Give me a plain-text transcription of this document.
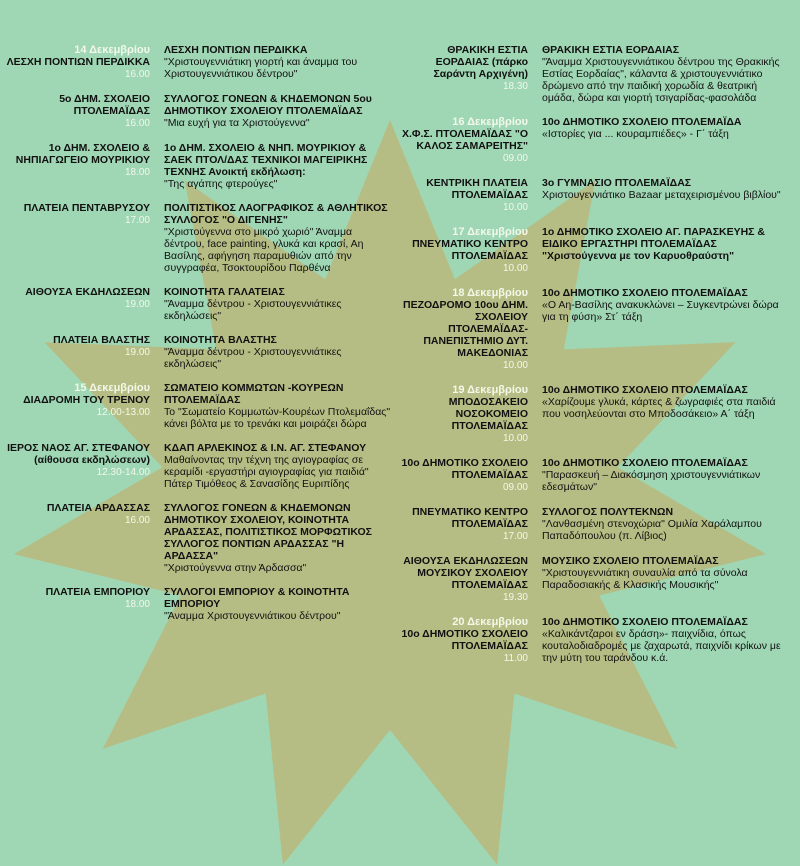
14 Δεκεμβρίου
ΛΕΣΧΗ ΠΟΝΤΙΩΝ ΠΕΡΔΙΚΚΑ
16.00
ΛΕΣΧΗ ΠΟΝΤΙΩΝ ΠΕΡΔΙΚΚΑ
"Χριστουγεννιάτικη γιορτή και άναμμα του Χριστουγεννιάτικου δέντρου"
5ο ΔΗΜ. ΣΧΟΛΕΙΟ ΠΤΟΛΕΜΑΪΔΑΣ
16.00
ΣΥΛΛΟΓΟΣ ΓΟΝΕΩΝ & ΚΗΔΕΜΟΝΩΝ 5ου ΔΗΜΟΤΙΚΟΥ ΣΧΟΛΕΙΟΥ ΠΤΟΛΕΜΑΪΔΑΣ
"Μια ευχή για τα Χριστούγεννα"
1ο ΔΗΜ. ΣΧΟΛΕΙΟ & ΝΗΠΙΑΓΩΓΕΙΟ ΜΟΥΡΙΚΙΟΥ
18.00
1ο ΔΗΜ. ΣΧΟΛΕΙΟ & ΝΗΠ. ΜΟΥΡΙΚΙΟΥ & ΣΑΕΚ ΠΤΟΛ/ΔΑΣ ΤΕΧΝΙΚΟΙ ΜΑΓΕΙΡΙΚΗΣ ΤΕΧΝΗΣ Ανοικτή εκδήλωση:
"Της αγάπης φτερούγες"
ΠΛΑΤΕΙΑ ΠΕΝΤΑΒΡΥΣΟΥ
17.00
ΠΟΛΙΤΙΣΤΙΚΟΣ ΛΑΟΓΡΑΦΙΚΟΣ & ΑΘΛΗΤΙΚΟΣ ΣΥΛΛΟΓΟΣ "Ο ΔΙΓΕΝΗΣ"
"Χριστούγεννα στο μικρό χωριό" Άναμμα δέντρου, face painting, γλυκά και κρασί, Αη Βασίλης, αφήγηση παραμυθιών από την συγγραφέα, Τσοκτουρίδου Παρθένα
ΑΙΘΟΥΣΑ ΕΚΔΗΛΩΣΕΩΝ
19.00
ΚΟΙΝΟΤΗΤΑ ΓΑΛΑΤΕΙΑΣ
"Άναμμα δέντρου - Χριστουγεννιάτικες εκδηλώσεις"
ΠΛΑΤΕΙΑ ΒΛΑΣΤΗΣ
19.00
ΚΟΙΝΟΤΗΤΑ ΒΛΑΣΤΗΣ
"Άναμμα δέντρου - Χριστουγεννιάτικες εκδηλώσεις"
15 Δεκεμβρίου
ΔΙΑΔΡΟΜΗ ΤΟΥ ΤΡΕΝΟΥ
12.00-13.00
ΣΩΜΑΤΕΙΟ ΚΟΜΜΩΤΩΝ -ΚΟΥΡΕΩΝ ΠΤΟΛΕΜΑΪΔΑΣ
Το "Σωματείο Κομμωτών-Κουρέων Πτολεμαΐδας" κάνει βόλτα με το τρενάκι και μοιράζει δώρα
ΙΕΡΟΣ ΝΑΟΣ ΑΓ. ΣΤΕΦΑΝΟΥ (αίθουσα εκδηλώσεων)
12.30-14.00
ΚΔΑΠ ΑΡΛΕΚΙΝΟΣ & Ι.Ν. ΑΓ. ΣΤΕΦΑΝΟΥ
Μαθαίνοντας την τέχνη της αγιογραφίας σε κεραμίδι -εργαστήρι αγιογραφίας για παιδιά" Πάτερ Τιμόθεος & Σανασίδης Ευριπίδης
ΠΛΑΤΕΙΑ ΑΡΔΑΣΣΑΣ
16.00
ΣΥΛΛΟΓΟΣ ΓΟΝΕΩΝ & ΚΗΔΕΜΟΝΩΝ ΔΗΜΟΤΙΚΟΥ ΣΧΟΛΕΙΟΥ, ΚΟΙΝΟΤΗΤΑ ΑΡΔΑΣΣΑΣ, ΠΟΛΙΤΙΣΤΙΚΟΣ ΜΟΡΦΩΤΙΚΟΣ ΣΥΛΛΟΓΟΣ ΠΟΝΤΙΩΝ ΑΡΔΑΣΣΑΣ "Η ΑΡΔΑΣΣΑ"
"Χριστούγεννα στην Άρδασσα"
ΠΛΑΤΕΙΑ ΕΜΠΟΡΙΟΥ
18.00
ΣΥΛΛΟΓΟΙ ΕΜΠΟΡΙΟΥ & ΚΟΙΝΟΤΗΤΑ ΕΜΠΟΡΙΟΥ
"Άναμμα Χριστουγεννιάτικου δέντρου"
ΘΡΑΚΙΚΗ ΕΣΤΙΑ ΕΟΡΔΑΙΑΣ (πάρκο Σαράντη Αρχιγένη)
18.30
ΘΡΑΚΙΚΗ ΕΣΤΙΑ ΕΟΡΔΑΙΑΣ
"Άναμμα Χριστουγεννιάτικου δέντρου της Θρακικής Εστίας Εορδαίας", κάλαντα & χριστουγεννιάτικο δρώμενο από την παιδική χορωδία & θεατρική ομάδα, δώρα και γιορτή τσιγαρίδας-φασολάδα
16 Δεκεμβρίου
Χ.Φ.Σ. ΠΤΟΛΕΜΑΪΔΑΣ "Ο ΚΑΛΟΣ ΣΑΜΑΡΕΙΤΗΣ"
09.00
10ο ΔΗΜΟΤΙΚΟ ΣΧΟΛΕΙΟ ΠΤΟΛΕΜΑΪΔΑ
«Ιστορίες για ... κουραμπιέδες» - Γ΄ τάξη
ΚΕΝΤΡΙΚΗ ΠΛΑΤΕΙΑ ΠΤΟΛΕΜΑΪΔΑΣ
10.00
3ο ΓΥΜΝΑΣΙΟ ΠΤΟΛΕΜΑΪΔΑΣ
Χριστουγεννιάτικο Bazaar μεταχειρισμένου βιβλίου"
17 Δεκεμβρίου
ΠΝΕΥΜΑΤΙΚΟ ΚΕΝΤΡΟ ΠΤΟΛΕΜΑΪΔΑΣ
10.00
1ο ΔΗΜΟΤΙΚΟ ΣΧΟΛΕΙΟ ΑΓ. ΠΑΡΑΣΚΕΥΗΣ & ΕΙΔΙΚΟ ΕΡΓΑΣΤΗΡΙ ΠΤΟΛΕΜΑΪΔΑΣ "Χριστούγεννα με τον Καρυοθραύστη"
18 Δεκεμβρίου
ΠΕΖΟΔΡΟΜΟ 10ου ΔΗΜ. ΣΧΟΛΕΙΟΥ ΠΤΟΛΕΜΑΪΔΑΣ-ΠΑΝΕΠΙΣΤΗΜΙΟ ΔΥΤ. ΜΑΚΕΔΟΝΙΑΣ
10.00
10ο ΔΗΜΟΤΙΚΟ ΣΧΟΛΕΙΟ ΠΤΟΛΕΜΑΪΔΑΣ
«Ο Αη-Βασίλης ανακυκλώνει – Συγκεντρώνει δώρα για τη φύση» Στ΄ τάξη
19 Δεκεμβρίου
ΜΠΟΔΟΣΑΚΕΙΟ ΝΟΣΟΚΟΜΕΙΟ ΠΤΟΛΕΜΑΪΔΑΣ
10.00
10ο ΔΗΜΟΤΙΚΟ ΣΧΟΛΕΙΟ ΠΤΟΛΕΜΑΪΔΑΣ
«Χαρίζουμε γλυκά, κάρτες & ζωγραφιές στα παιδιά που νοσηλεύονται στο Μποδοσάκειο» Α΄ τάξη
10ο ΔΗΜΟΤΙΚΟ ΣΧΟΛΕΙΟ ΠΤΟΛΕΜΑΪΔΑΣ
09.00
10ο ΔΗΜΟΤΙΚΟ ΣΧΟΛΕΙΟ ΠΤΟΛΕΜΑΪΔΑΣ
"Παρασκευή – Διακόσμηση χριστουγεννιάτικων εδεσμάτων"
ΠΝΕΥΜΑΤΙΚΟ ΚΕΝΤΡΟ ΠΤΟΛΕΜΑΪΔΑΣ
17.00
ΣΥΛΛΟΓΟΣ ΠΟΛΥΤΕΚΝΩΝ
"Λανθασμένη στενοχώρια" Ομιλία Χαράλαμπου Παπαδόπουλου (π. Λίβιος)
ΑΙΘΟΥΣΑ ΕΚΔΗΛΩΣΕΩΝ ΜΟΥΣΙΚΟΥ ΣΧΟΛΕΙΟΥ ΠΤΟΛΕΜΑΪΔΑΣ
19.30
ΜΟΥΣΙΚΟ ΣΧΟΛΕΙΟ ΠΤΟΛΕΜΑΪΔΑΣ
"Χριστουγεννιάτικη συναυλία από τα σύνολα Παραδοσιακής & Κλασικής Μουσικής"
20 Δεκεμβρίου
10ο ΔΗΜΟΤΙΚΟ ΣΧΟΛΕΙΟ ΠΤΟΛΕΜΑΪΔΑΣ
11.00
10ο ΔΗΜΟΤΙΚΟ ΣΧΟΛΕΙΟ ΠΤΟΛΕΜΑΪΔΑΣ
«Καλικάντζαροι εν δράση»- παιχνίδια, όπως κουταλοδιαδρομές με ζαχαρωτά, παιχνίδι κρίκων με την μύτη του ταράνδου κ.ά.
